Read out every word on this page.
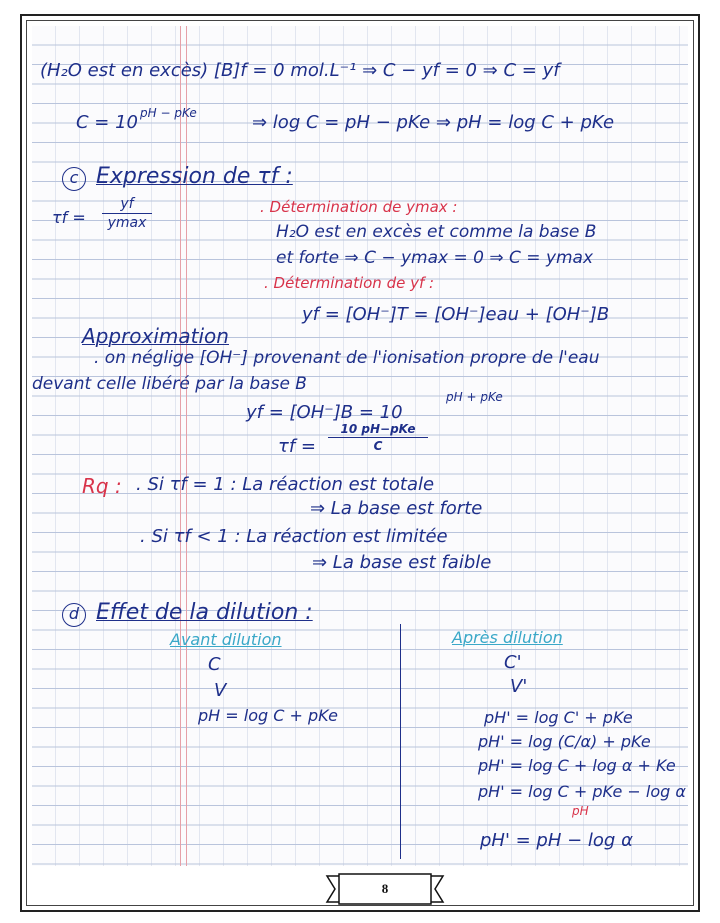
(H₂O est en excès) [B]f = 0 mol.L⁻¹ ⇒ C − yf = 0 ⇒ C = yf
C = 10 pH − pKe	⇒ log C = pH − pKe ⇒ pH = log C + pKe
c Expression de τf :
τf =
yf
ymax
. Détermination de ymax :
H₂O est en excès et comme la base B
et forte ⇒ C − ymax = 0 ⇒ C = ymax
. Détermination de yf :
yf = [OH⁻]T = [OH⁻]eau + [OH⁻]B
Approximation
. on néglige [OH⁻] provenant de l'ionisation propre de l'eau
devant celle libéré par la base B
yf = [OH⁻]B = 10
pH + pKe
τf =
10 pH−pKe
C
Rq : . Si τf = 1 : La réaction est totale
⇒ La base est forte
. Si τf < 1 : La réaction est limitée
⇒ La base est faible
d Effet de la dilution :
Avant dilution	Après dilution
C
V
pH = log C + pKe
C'
V'
pH' = log C' + pKe
pH' = log (C/α) + pKe
pH' = log C + log α + Ke
pH' = log C + pKe − log α
pH
pH' = pH − log α
8
